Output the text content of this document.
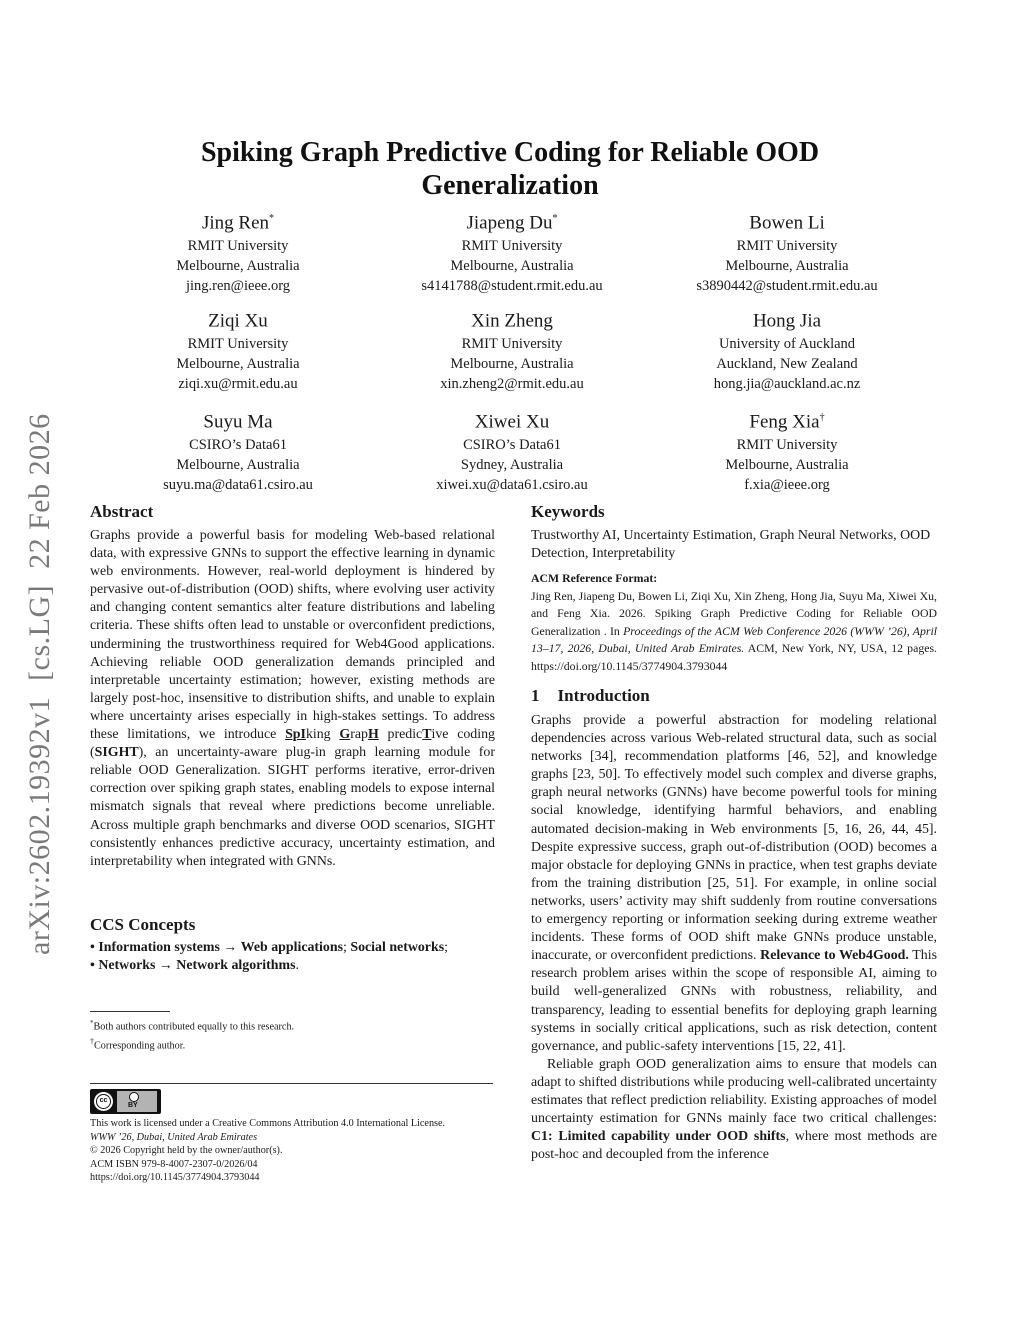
arXiv:2602.19392v1  [cs.LG]  22 Feb 2026
Spiking Graph Predictive Coding for Reliable OOD
Generalization
Jing Ren*
RMIT University
Melbourne, Australia
jing.ren@ieee.org
Jiapeng Du*
RMIT University
Melbourne, Australia
s4141788@student.rmit.edu.au
Bowen Li
RMIT University
Melbourne, Australia
s3890442@student.rmit.edu.au
Ziqi Xu
RMIT University
Melbourne, Australia
ziqi.xu@rmit.edu.au
Xin Zheng
RMIT University
Melbourne, Australia
xin.zheng2@rmit.edu.au
Hong Jia
University of Auckland
Auckland, New Zealand
hong.jia@auckland.ac.nz
Suyu Ma
CSIRO’s Data61
Melbourne, Australia
suyu.ma@data61.csiro.au
Xiwei Xu
CSIRO’s Data61
Sydney, Australia
xiwei.xu@data61.csiro.au
Feng Xia†
RMIT University
Melbourne, Australia
f.xia@ieee.org
Abstract

Graphs provide a powerful basis for modeling Web-based relational data, with expressive GNNs to support the effective learning in dynamic web environments. However, real-world deployment is hindered by pervasive out-of-distribution (OOD) shifts, where evolving user activity and changing content semantics alter feature distributions and labeling criteria. These shifts often lead to unstable or overconfident predictions, undermining the trustworthiness required for Web4Good applications. Achieving reliable OOD generalization demands principled and interpretable uncertainty estimation; however, existing methods are largely post-hoc, insensitive to distribution shifts, and unable to explain where uncertainty arises especially in high-stakes settings. To address these limitations, we introduce SpIking GrapH predicTive coding (SIGHT), an uncertainty-aware plug-in graph learning module for reliable OOD Generalization. SIGHT performs iterative, error-driven correction over spiking graph states, enabling models to expose internal mismatch signals that reveal where predictions become unreliable. Across multiple graph benchmarks and diverse OOD scenarios, SIGHT consistently enhances predictive accuracy, uncertainty estimation, and interpretability when integrated with GNNs.

CCS Concepts

• Information systems → Web applications; Social networks;

• Networks → Network algorithms.

*Both authors contributed equally to this research.

†Corresponding author.

cc
BY

This work is licensed under a Creative Commons Attribution 4.0 International License.

WWW ’26, Dubai, United Arab Emirates

© 2026 Copyright held by the owner/author(s).

ACM ISBN 979-8-4007-2307-0/2026/04

https://doi.org/10.1145/3774904.3793044

Keywords

Trustworthy AI, Uncertainty Estimation, Graph Neural Networks, OOD Detection, Interpretability

ACM Reference Format:

Jing Ren, Jiapeng Du, Bowen Li, Ziqi Xu, Xin Zheng, Hong Jia, Suyu Ma, Xiwei Xu, and Feng Xia. 2026. Spiking Graph Predictive Coding for Reliable OOD Generalization . In Proceedings of the ACM Web Conference 2026 (WWW ’26), April 13–17, 2026, Dubai, United Arab Emirates. ACM, New York, NY, USA, 12 pages. https://doi.org/10.1145/3774904.3793044

1 Introduction

Graphs provide a powerful abstraction for modeling relational dependencies across various Web-related structural data, such as social networks [34], recommendation platforms [46, 52], and knowledge graphs [23, 50]. To effectively model such complex and diverse graphs, graph neural networks (GNNs) have become powerful tools for mining social knowledge, identifying harmful behaviors, and enabling automated decision-making in Web environments [5, 16, 26, 44, 45]. Despite expressive success, graph out-of-distribution (OOD) becomes a major obstacle for deploying GNNs in practice, when test graphs deviate from the training distribution [25, 51]. For example, in online social networks, users’ activity may shift suddenly from routine conversations to emergency reporting or information seeking during extreme weather incidents. These forms of OOD shift make GNNs produce unstable, inaccurate, or overconfident predictions. Relevance to Web4Good. This research problem arises within the scope of responsible AI, aiming to build well-generalized GNNs with robustness, reliability, and transparency, leading to essential benefits for deploying graph learning systems in socially critical applications, such as risk detection, content governance, and public-safety interventions [15, 22, 41].

Reliable graph OOD generalization aims to ensure that models can adapt to shifted distributions while producing well-calibrated uncertainty estimates that reflect prediction reliability. Existing approaches of model uncertainty estimation for GNNs mainly face two critical challenges: C1: Limited capability under OOD shifts, where most methods are post-hoc and decoupled from the inference
